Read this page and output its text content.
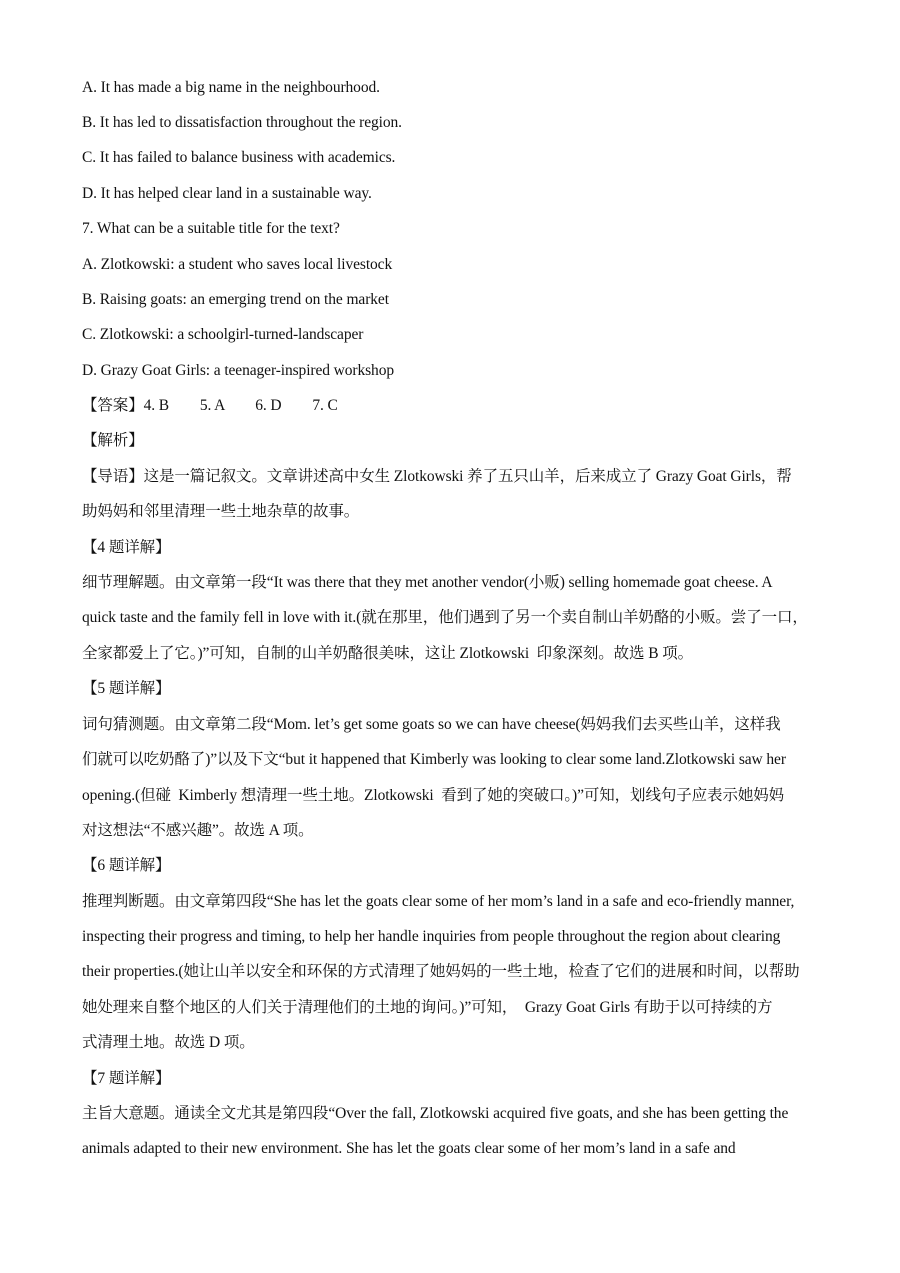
A. It has made a big name in the neighbourhood.
B. It has led to dissatisfaction throughout the region.
C. It has failed to balance business with academics.
D. It has helped clear land in a sustainable way.
7. What can be a suitable title for the text?
A. Zlotkowski: a student who saves local livestock
B. Raising goats: an emerging trend on the market
C. Zlotkowski: a schoolgirl-turned-landscaper
D. Grazy Goat Girls: a teenager-inspired workshop
【答案】4. B　　5. A　　6. D　　7. C
【解析】
【导语】这是一篇记叙文。文章讲述高中女生 Zlotkowski 养了五只山羊，后来成立了 Grazy Goat Girls，帮
助妈妈和邻里清理一些土地杂草的故事。
【4 题详解】
细节理解题。由文章第一段“It was there that they met another vendor(小贩) selling homemade goat cheese. A
quick taste and the family fell in love with it.(就在那里，他们遇到了另一个卖自制山羊奶酪的小贩。尝了一口，
全家都爱上了它。)”可知，自制的山羊奶酪很美味，这让 Zlotkowski  印象深刻。故选 B 项。
【5 题详解】
词句猜测题。由文章第二段“Mom. let’s get some goats so we can have cheese(妈妈我们去买些山羊，这样我
们就可以吃奶酪了)”以及下文“but it happened that Kimberly was looking to clear some land.Zlotkowski saw her
opening.(但碰  Kimberly 想清理一些土地。Zlotkowski  看到了她的突破口。)”可知，划线句子应表示她妈妈
对这想法“不感兴趣”。故选 A 项。
【6 题详解】
推理判断题。由文章第四段“She has let the goats clear some of her mom’s land in a safe and eco-friendly manner,
inspecting their progress and timing, to help her handle inquiries from people throughout the region about clearing
their properties.(她让山羊以安全和环保的方式清理了她妈妈的一些土地，检查了它们的进展和时间，以帮助
她处理来自整个地区的人们关于清理他们的土地的询问。)”可知，  Grazy Goat Girls 有助于以可持续的方
式清理土地。故选 D 项。
【7 题详解】
主旨大意题。通读全文尤其是第四段“Over the fall, Zlotkowski acquired five goats, and she has been getting the
animals adapted to their new environment. She has let the goats clear some of her mom’s land in a safe and
